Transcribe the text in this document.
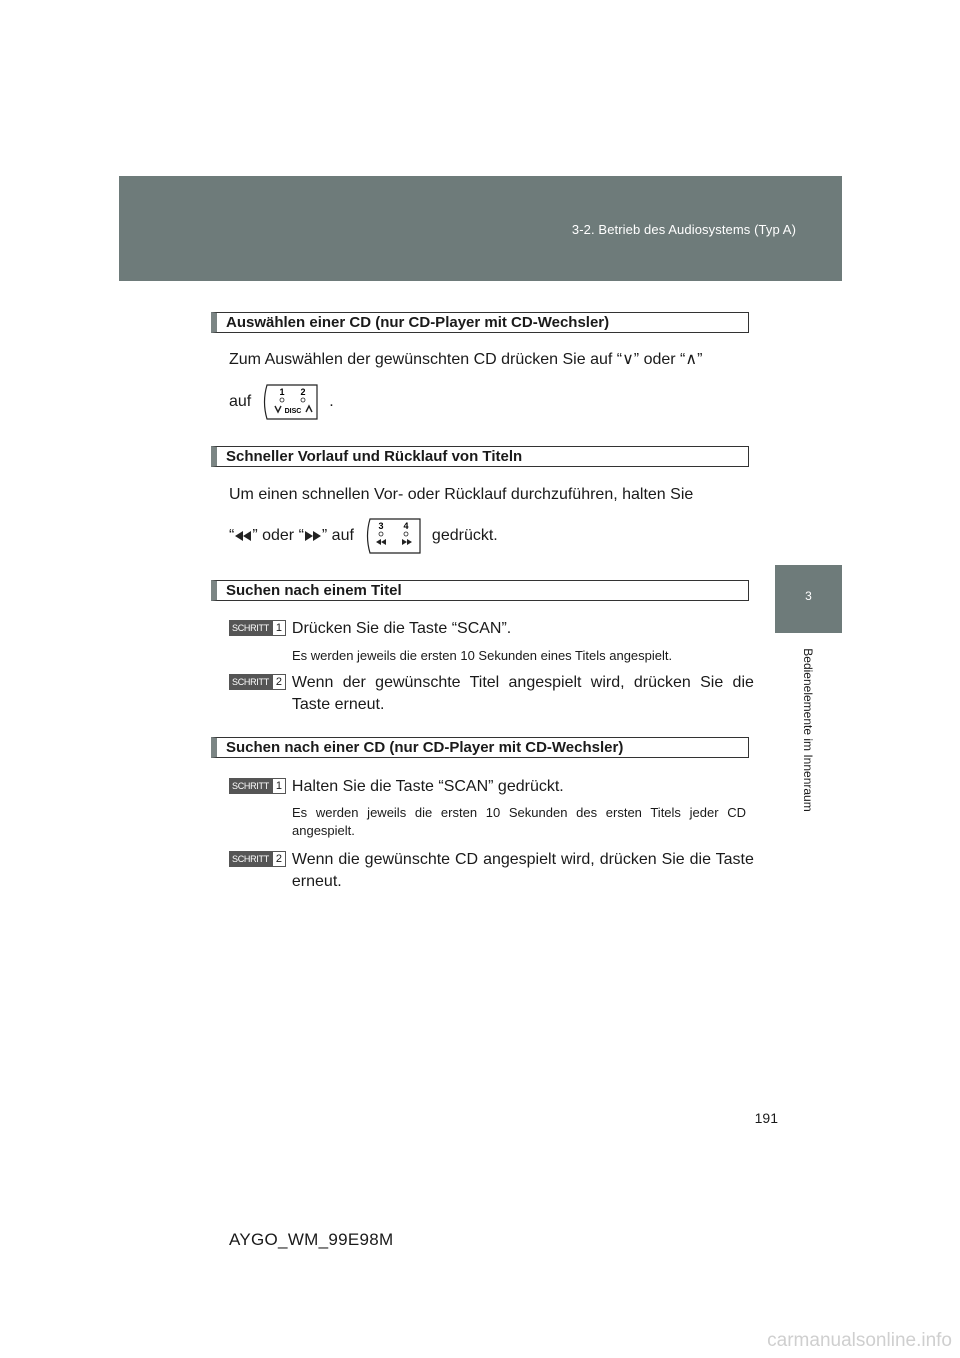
3-2. Betrieb des Audiosystems (Typ A)
3
Bedienelemente im Innenraum
Auswählen einer CD (nur CD-Player mit CD-Wechsler)
Zum Auswählen der gewünschten CD drücken Sie auf “∨” oder “∧”
auf
1 2
DISC
.
Schneller Vorlauf und Rücklauf von Titeln
Um einen schnellen Vor- oder Rücklauf durchzuführen, halten Sie
“ ” oder “ ” auf
3 4
gedrückt.
Suchen nach einem Titel
SCHRITT 1 Drücken Sie die Taste “SCAN”.
Es werden jeweils die ersten 10 Sekunden eines Titels angespielt.
SCHRITT 2 Wenn der gewünschte Titel angespielt wird, drücken Sie die Taste erneut.
Suchen nach einer CD (nur CD-Player mit CD-Wechsler)
SCHRITT 1 Halten Sie die Taste “SCAN” gedrückt.
Es werden jeweils die ersten 10 Sekunden des ersten Titels jeder CD angespielt.
SCHRITT 2 Wenn die gewünschte CD angespielt wird, drücken Sie die Taste erneut.
191
AYGO_WM_99E98M
carmanualsonline.info
